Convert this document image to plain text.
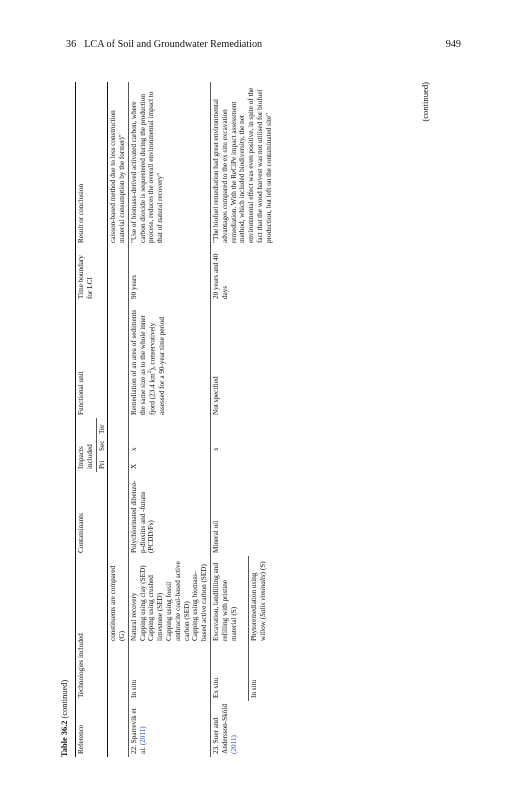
36 LCA of Soil and Groundwater Remediation	949
Table 36.2 (continued)
Reference	Technologies included		Contaminants	Impacts included			Functional unit	Time boundary for LCI	Result or conclusion
				Pri	Sec	Ter			
		constituents are compared (G)							caisson-based method due to less construction material consumption by the former)"
22. Sparrevik et al. (2011)	In situ	Natural recovery Capping using clay (SED) Capping using crushed limestone (SED) Capping using fossil anthracite coal-based active carbon (SED) Capping using biomass-based active carbon (SED)	Polychlorinated dibenzo-p-dioxins and -furans (PCDD/Fs)	X	x		Remediation of an area of sediments the same size as to the whole inner fjord (23.4 $km^2$), conservatively assessed for a 90-year time period	90 years	"Use of biomass-derived activated carbon, where carbon dioxide is sequestered during the production process, reduces the overall environmental impact to that of natural recovery"
23. Suer and Andersson-Sköld (2011)	Ex situ	Excavation, landfilling and refilling with pristine material (S)	Mineral oil		x		Not specified	20 years and 40 days	"The biofuel remediation had great environmental advantages compared to the ex situ excavation remediation. With the ReCiPe impact assessment method, which included biodiversity, the net environmental effect was even positive, in spite of the fact that the wood harvest was not utilised for biofuel production, but left on the contaminated site"
	In situ	Phytoremediation using willow (Salix viminalis) (S)							
(continued)
